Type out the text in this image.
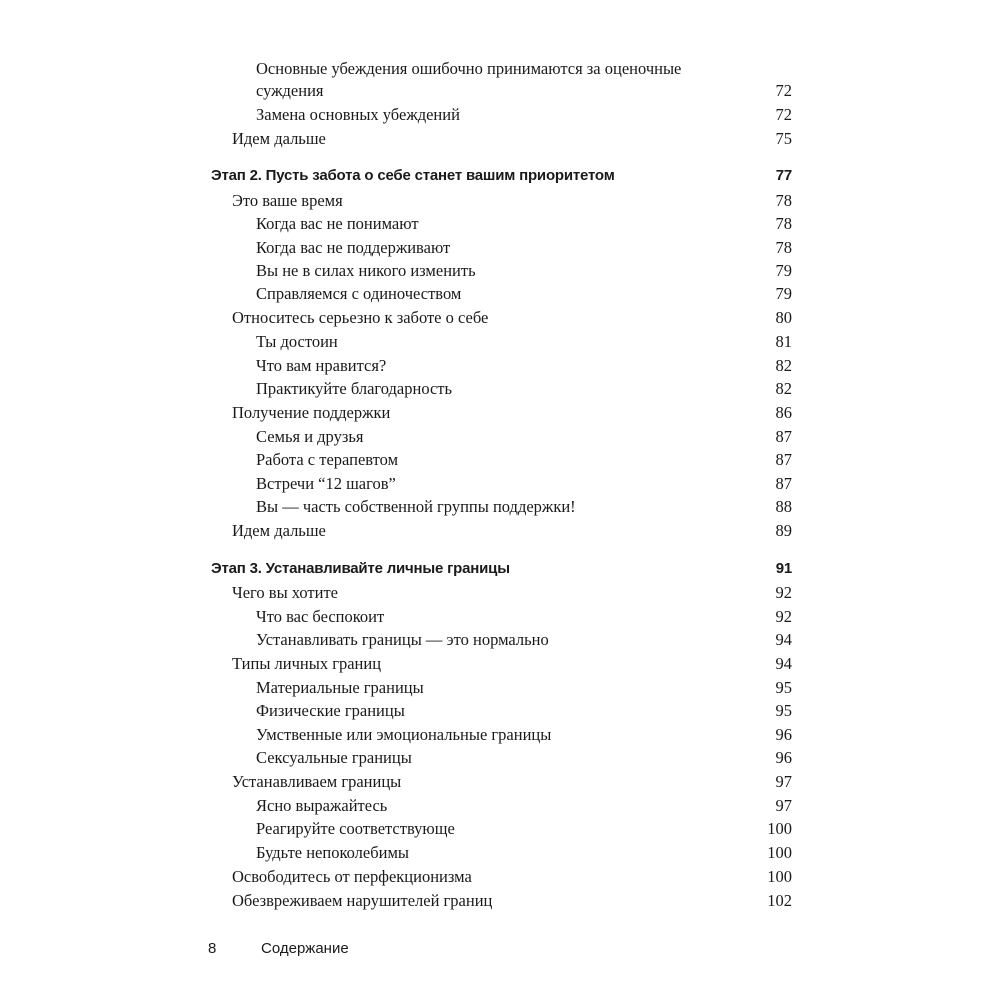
Основные убеждения ошибочно принимаются за оценочные
суждения	72
Замена основных убеждений	72
Идем дальше	75
Этап 2. Пусть забота о себе станет вашим приоритетом	77
Это ваше время	78
Когда вас не понимают	78
Когда вас не поддерживают	78
Вы не в силах никого изменить	79
Справляемся с одиночеством	79
Относитесь серьезно к заботе о себе	80
Ты достоин	81
Что вам нравится?	82
Практикуйте благодарность	82
Получение поддержки	86
Семья и друзья	87
Работа с терапевтом	87
Встречи “12 шагов”	87
Вы — часть собственной группы поддержки!	88
Идем дальше	89
Этап 3. Устанавливайте личные границы	91
Чего вы хотите	92
Что вас беспокоит	92
Устанавливать границы — это нормально	94
Типы личных границ	94
Материальные границы	95
Физические границы	95
Умственные или эмоциональные границы	96
Сексуальные границы	96
Устанавливаем границы	97
Ясно выражайтесь	97
Реагируйте соответствующе	100
Будьте непоколебимы	100
Освободитесь от перфекционизма	100
Обезвреживаем нарушителей границ	102
8	Содержание
